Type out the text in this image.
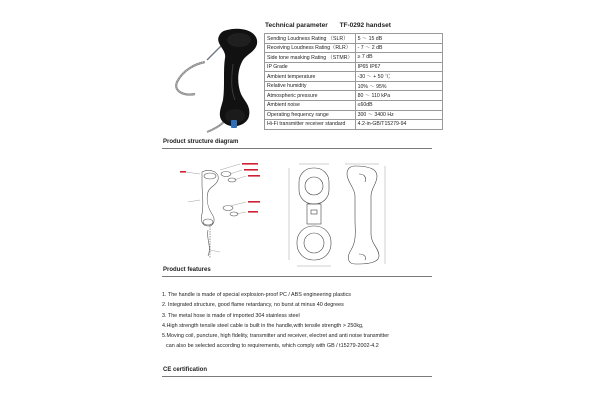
Technical parameter TF-0292 handset
Sending Loudness Rating （SLR）	5 ～ 15 dB
Receiving Loudness Rating（RLR）	- 7 ～ 2 dB
Side tone masking Rating （STMR）	≥ 7 dB
IP Grade	IP65 IP67
Ambient temperature	-30 ～ + 50 ℃
Relative humidity	10% ～ 95%
Atmospheric pressure	80 ～ 110 kPa
Ambient noise	≤60dB
Operating frequency range	300 ～ 3400 Hz
Hi-Fi transmitter receiver standard	4.2-in-GB/T15279-94
Product structure diagram
Product features
1. The handle is made of special explosion-proof PC / ABS engineering plastics
2. Integrated structure, good flame retardancy, no burst at minus 40 degrees
3. The metal hose is made of imported 304 stainless steel
4.High strength tensile steel cable is built in the handle,with tensile strength > 250kg,
5.Moving coil, puncture, high fidelity, transmitter and receiver, electret and anti noise transmitter
can also be selected according to requirements, which comply with GB / t15279-2002-4.2
CE certification
